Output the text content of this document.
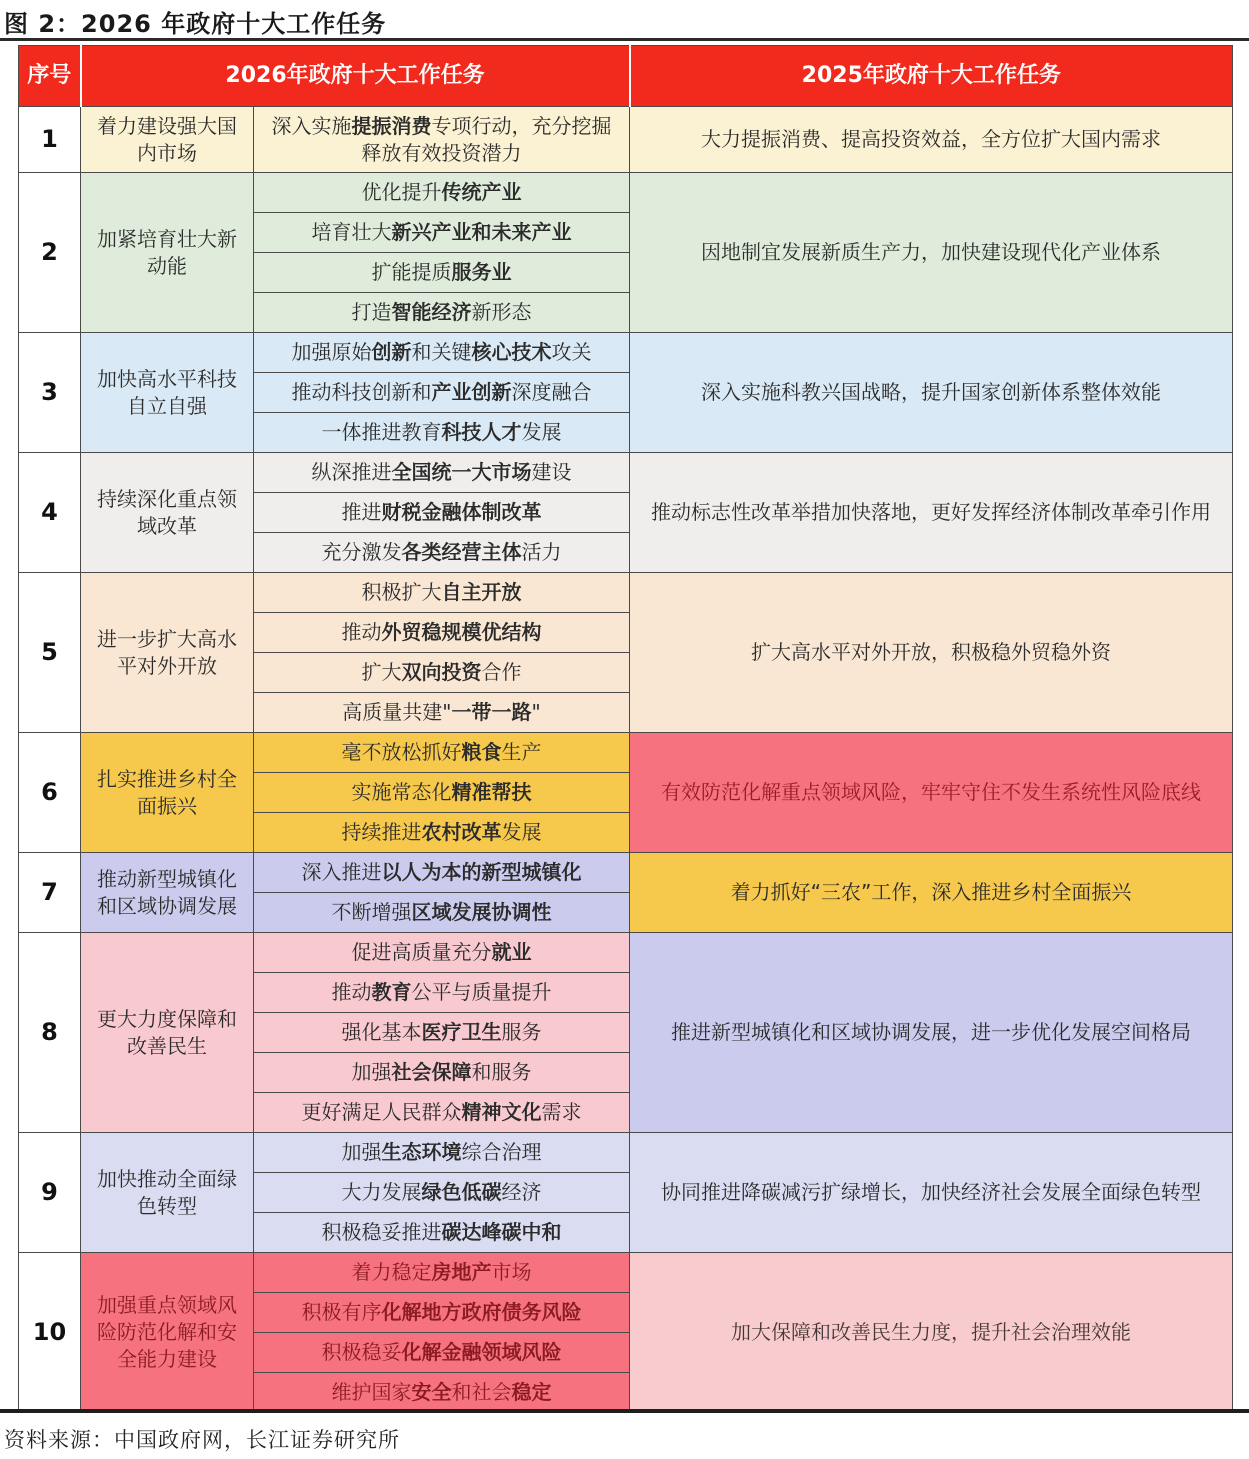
图 2：2026 年政府十大工作任务
序号	2026年政府十大工作任务		2025年政府十大工作任务
1	着力建设强大国内市场	深入实施提振消费专项行动，充分挖掘释放有效投资潜力	大力提振消费、提高投资效益，全方位扩大国内需求
2	加紧培育壮大新动能	优化提升传统产业	因地制宜发展新质生产力，加快建设现代化产业体系
		培育壮大新兴产业和未来产业	
		扩能提质服务业	
		打造智能经济新形态	
3	加快高水平科技自立自强	加强原始创新和关键核心技术攻关	深入实施科教兴国战略，提升国家创新体系整体效能
		推动科技创新和产业创新深度融合	
		一体推进教育科技人才发展	
4	持续深化重点领域改革	纵深推进全国统一大市场建设	推动标志性改革举措加快落地，更好发挥经济体制改革牵引作用
		推进财税金融体制改革	
		充分激发各类经营主体活力	
5	进一步扩大高水平对外开放	积极扩大自主开放	扩大高水平对外开放，积极稳外贸稳外资
		推动外贸稳规模优结构	
		扩大双向投资合作	
		高质量共建"一带一路"	
6	扎实推进乡村全面振兴	毫不放松抓好粮食生产	有效防范化解重点领域风险，牢牢守住不发生系统性风险底线
		实施常态化精准帮扶	
		持续推进农村改革发展	
7	推动新型城镇化和区域协调发展	深入推进以人为本的新型城镇化	着力抓好“三农”工作，深入推进乡村全面振兴
		不断增强区域发展协调性	
8	更大力度保障和改善民生	促进高质量充分就业	推进新型城镇化和区域协调发展，进一步优化发展空间格局
		推动教育公平与质量提升	
		强化基本医疗卫生服务	
		加强社会保障和服务	
		更好满足人民群众精神文化需求	
9	加快推动全面绿色转型	加强生态环境综合治理	协同推进降碳减污扩绿增长，加快经济社会发展全面绿色转型
		大力发展绿色低碳经济	
		积极稳妥推进碳达峰碳中和	
10	加强重点领域风险防范化解和安全能力建设	着力稳定房地产市场	加大保障和改善民生力度，提升社会治理效能
		积极有序化解地方政府债务风险	
		积极稳妥化解金融领域风险	
		维护国家安全和社会稳定	
资料来源：中国政府网，长江证券研究所
